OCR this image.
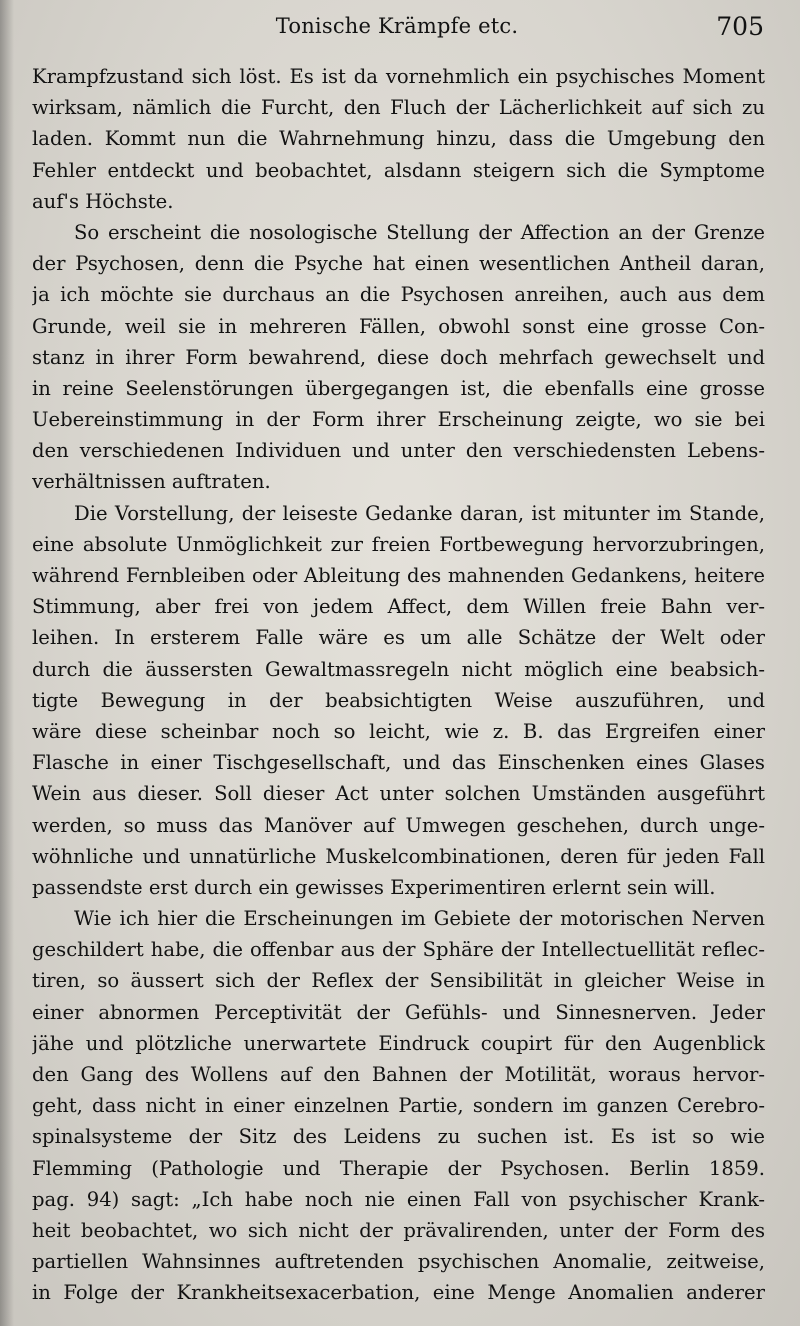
Tonische Krämpfe etc.	705
Krampfzustand sich löst. Es ist da vornehmlich ein psychisches Moment
wirksam, nämlich die Furcht, den Fluch der Lächerlichkeit auf sich zu
laden. Kommt nun die Wahrnehmung hinzu, dass die Umgebung den
Fehler entdeckt und beobachtet, alsdann steigern sich die Symptome
auf's Höchste.
So erscheint die nosologische Stellung der Affection an der Grenze
der Psychosen, denn die Psyche hat einen wesentlichen Antheil daran,
ja ich möchte sie durchaus an die Psychosen anreihen, auch aus dem
Grunde, weil sie in mehreren Fällen, obwohl sonst eine grosse Con-
stanz in ihrer Form bewahrend, diese doch mehrfach gewechselt und
in reine Seelenstörungen übergegangen ist, die ebenfalls eine grosse
Uebereinstimmung in der Form ihrer Erscheinung zeigte, wo sie bei
den verschiedenen Individuen und unter den verschiedensten Lebens-
verhältnissen auftraten.
Die Vorstellung, der leiseste Gedanke daran, ist mitunter im Stande,
eine absolute Unmöglichkeit zur freien Fortbewegung hervorzubringen,
während Fernbleiben oder Ableitung des mahnenden Gedankens, heitere
Stimmung, aber frei von jedem Affect, dem Willen freie Bahn ver-
leihen. In ersterem Falle wäre es um alle Schätze der Welt oder
durch die äussersten Gewaltmassregeln nicht möglich eine beabsich-
tigte Bewegung in der beabsichtigten Weise auszuführen, und
wäre diese scheinbar noch so leicht, wie z. B. das Ergreifen einer
Flasche in einer Tischgesellschaft, und das Einschenken eines Glases
Wein aus dieser. Soll dieser Act unter solchen Umständen ausgeführt
werden, so muss das Manöver auf Umwegen geschehen, durch unge-
wöhnliche und unnatürliche Muskelcombinationen, deren für jeden Fall
passendste erst durch ein gewisses Experimentiren erlernt sein will.
Wie ich hier die Erscheinungen im Gebiete der motorischen Nerven
geschildert habe, die offenbar aus der Sphäre der Intellectuellität reflec-
tiren, so äussert sich der Reflex der Sensibilität in gleicher Weise in
einer abnormen Perceptivität der Gefühls- und Sinnesnerven. Jeder
jähe und plötzliche unerwartete Eindruck coupirt für den Augenblick
den Gang des Wollens auf den Bahnen der Motilität, woraus hervor-
geht, dass nicht in einer einzelnen Partie, sondern im ganzen Cerebro-
spinalsysteme der Sitz des Leidens zu suchen ist. Es ist so wie
Flemming (Pathologie und Therapie der Psychosen. Berlin 1859.
pag. 94) sagt: „Ich habe noch nie einen Fall von psychischer Krank-
heit beobachtet, wo sich nicht der prävalirenden, unter der Form des
partiellen Wahnsinnes auftretenden psychischen Anomalie, zeitweise,
in Folge der Krankheitsexacerbation, eine Menge Anomalien anderer
